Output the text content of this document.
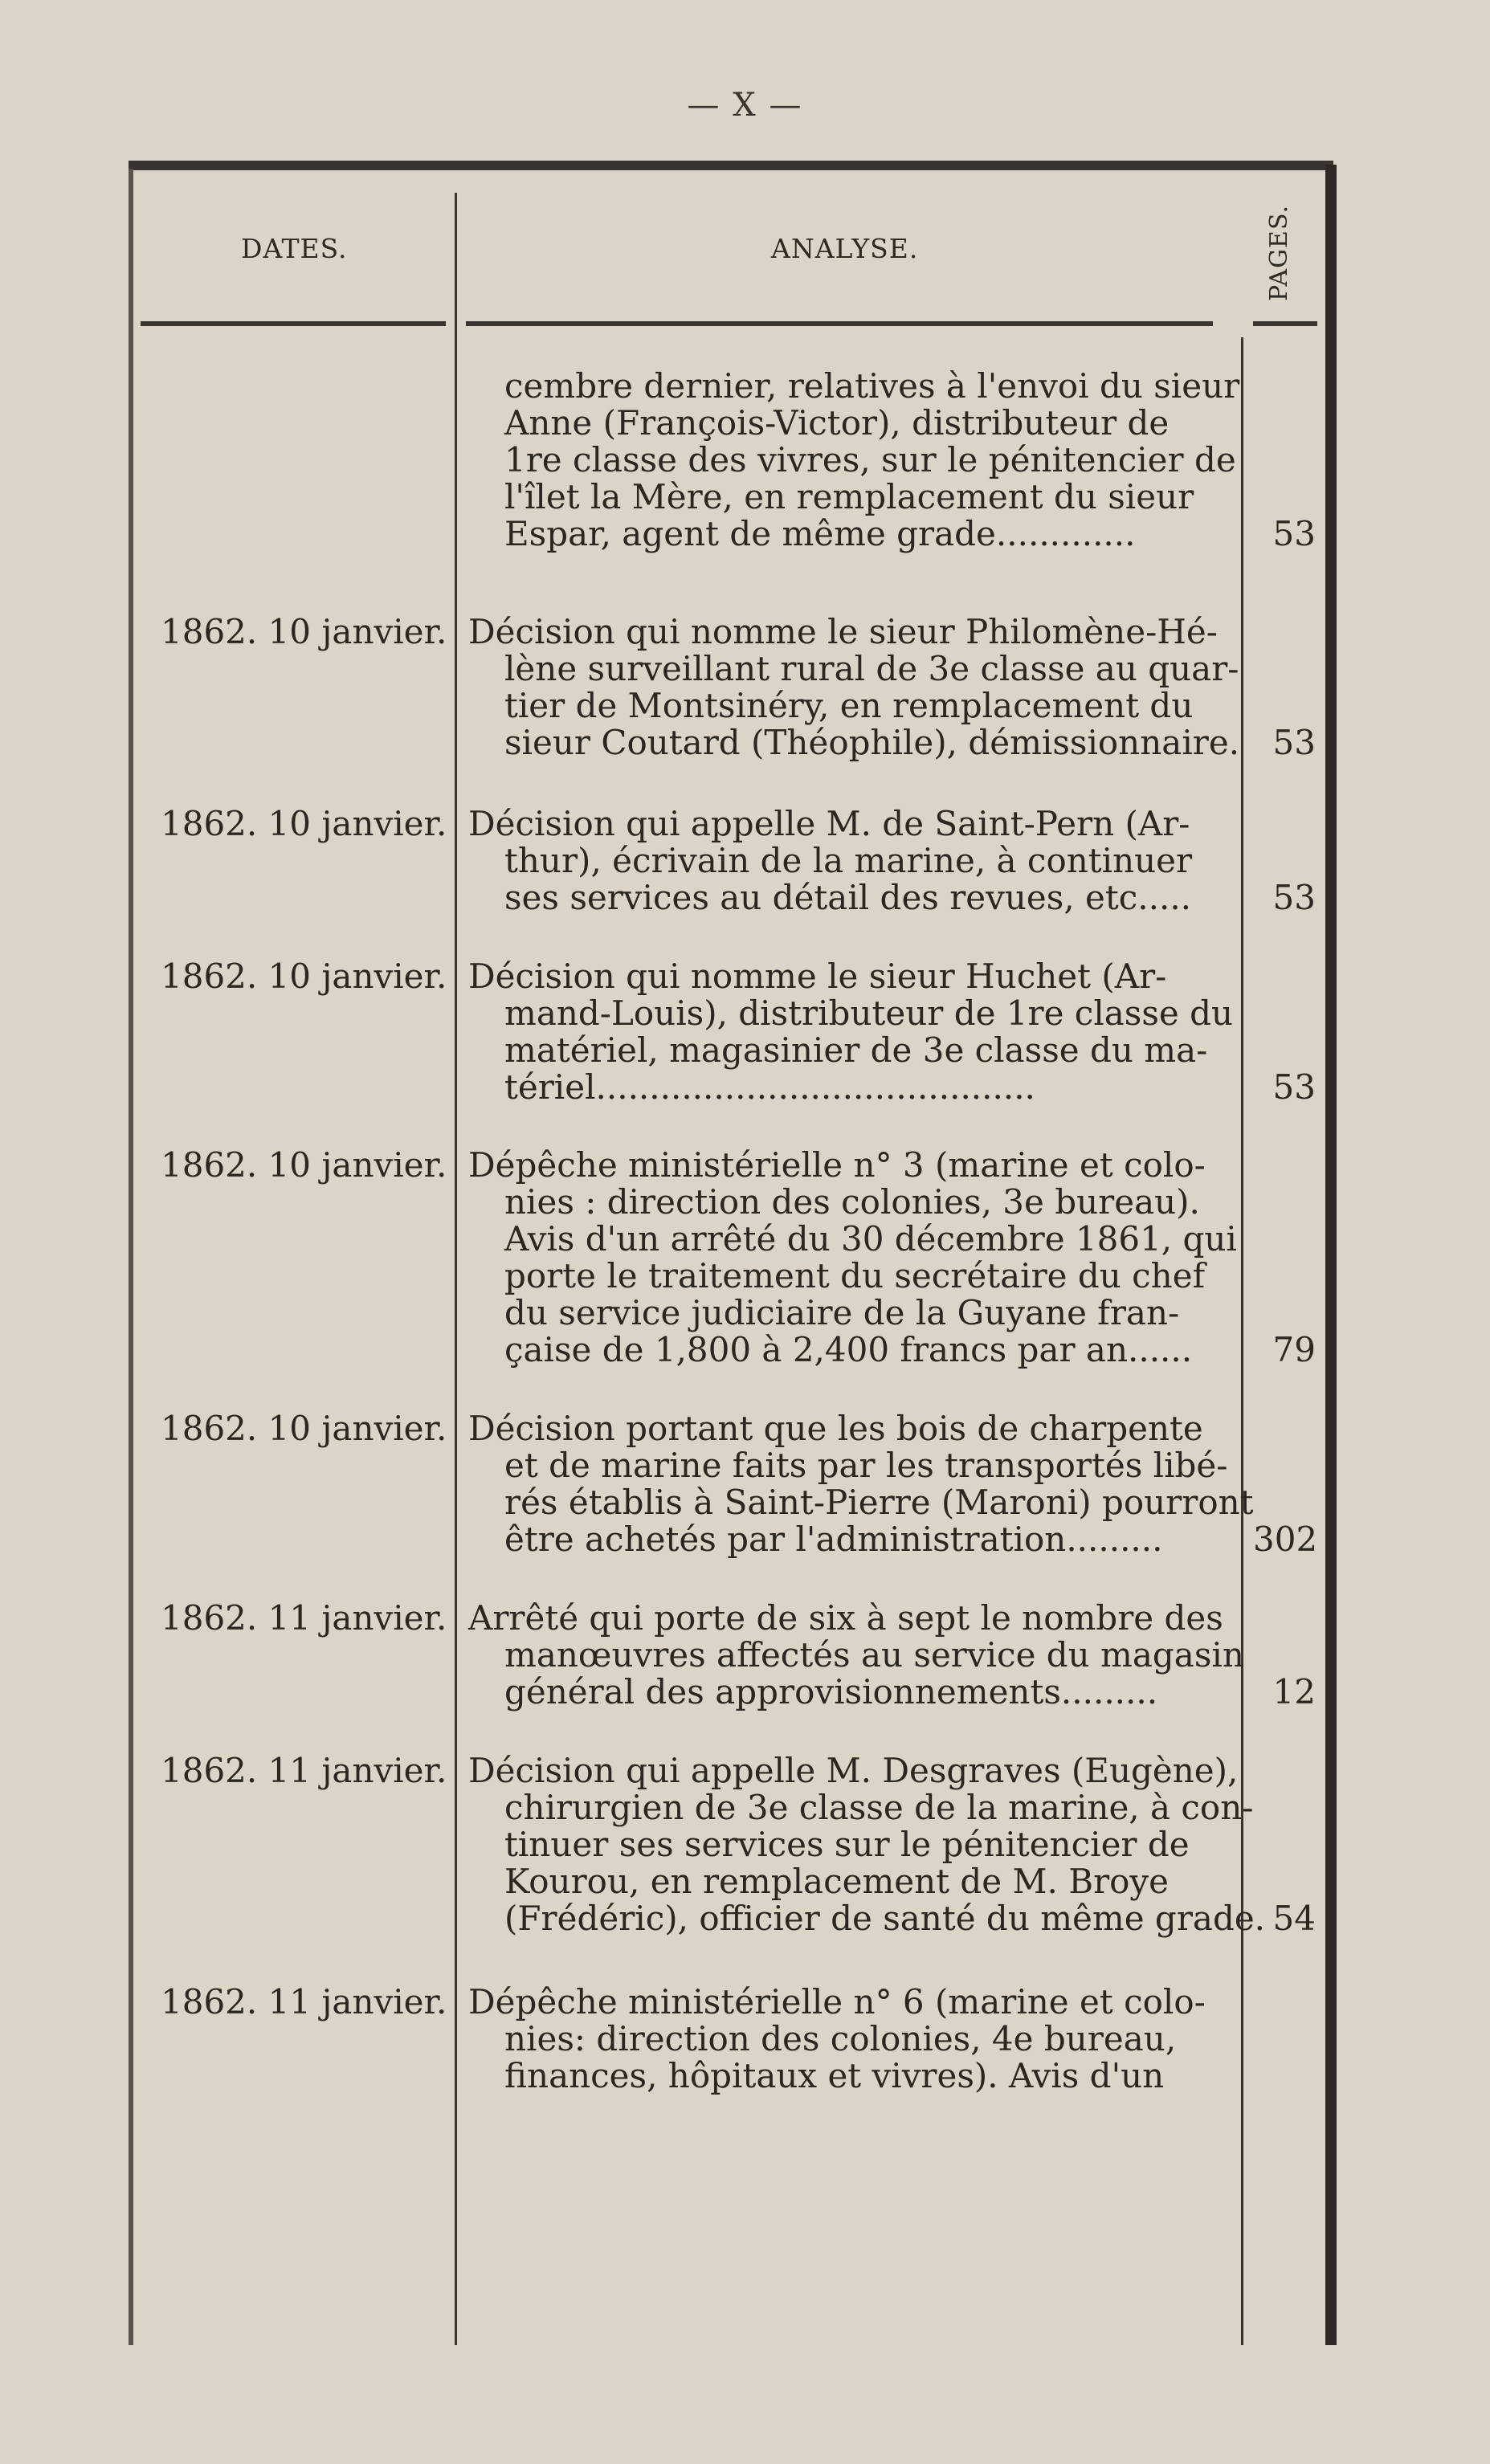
— X —
DATES.	ANALYSE.	PAGES.
cembre dernier, relatives à l'envoi du sieur
Anne (François-Victor), distributeur de
1re classe des vivres, sur le pénitencier de
l'îlet la Mère, en remplacement du sieur
Espar, agent de même grade.............	53
1862. 10 janvier. Décision qui nomme le sieur Philomène-Hé-
lène surveillant rural de 3e classe au quar-
tier de Montsinéry, en remplacement du
sieur Coutard (Théophile), démissionnaire. 53
1862. 10 janvier. Décision qui appelle M. de Saint-Pern (Ar-
thur), écrivain de la marine, à continuer
ses services au détail des revues, etc.....	53
1862. 10 janvier. Décision qui nomme le sieur Huchet (Ar-
mand-Louis), distributeur de 1re classe du
matériel, magasinier de 3e classe du ma-
tériel.........................................	53
1862. 10 janvier. Dépêche ministérielle n° 3 (marine et colo-
nies : direction des colonies, 3e bureau).
Avis d'un arrêté du 30 décembre 1861, qui
porte le traitement du secrétaire du chef
du service judiciaire de la Guyane fran-
çaise de 1,800 à 2,400 francs par an......	79
1862. 10 janvier. Décision portant que les bois de charpente
et de marine faits par les transportés libé-
rés établis à Saint-Pierre (Maroni) pourront
être achetés par l'administration.........	302
1862. 11 janvier. Arrêté qui porte de six à sept le nombre des
manœuvres affectés au service du magasin
général des approvisionnements.........	12
1862. 11 janvier. Décision qui appelle M. Desgraves (Eugène),
chirurgien de 3e classe de la marine, à con-
tinuer ses services sur le pénitencier de
Kourou, en remplacement de M. Broye
(Frédéric), officier de santé du même grade. 54
1862. 11 janvier. Dépêche ministérielle n° 6 (marine et colo-
nies: direction des colonies, 4e bureau,
finances, hôpitaux et vivres). Avis d'un
